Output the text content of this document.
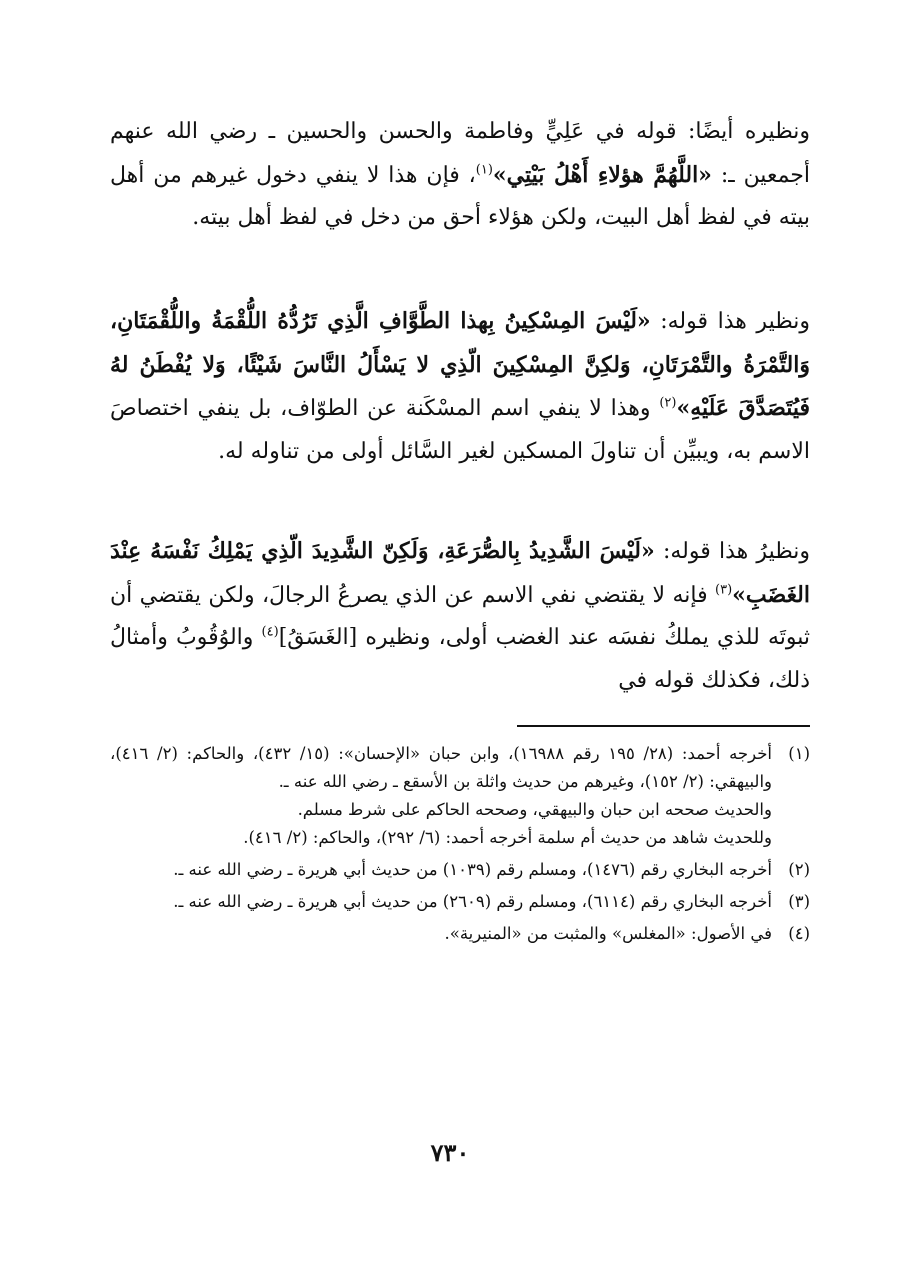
ونظيره أيضًا: قوله في عَلِيٍّ وفاطمة والحسن والحسين ـ رضي الله عنهم أجمعين ـ: «اللَّهُمَّ هؤلاءِ أَهْلُ بَيْتِي»$^{(١)}$، فإن هذا لا ينفي دخول غيرهم من أهل بيته في لفظ أهل البيت، ولكن هؤلاء أحق من دخل في لفظ أهل بيته.

ونظير هذا قوله: «لَيْسَ المِسْكِينُ بِهذا الطَّوَّافِ الَّذِي تَرُدُّهُ اللُّقْمَةُ واللُّقْمَتَانِ، وَالتَّمْرَةُ والتَّمْرَتَانِ، وَلكِنَّ المِسْكِينَ الّذِي لا يَسْأَلُ النَّاسَ شَيْئًا، وَلا يُفْطَنُ لهُ فَيُتَصَدَّقَ عَلَيْهِ»$^{(٢)}$ وهذا لا ينفي اسم المسْكَنة عن الطوّاف، بل ينفي اختصاصَ الاسم به، ويبيِّن أن تناولَ المسكين لغير السَّائل أولى من تناوله له.

ونظيرُ هذا قوله: «لَيْسَ الشَّدِيدُ بِالصُّرَعَةِ، وَلَكِنّ الشَّدِيدَ الّذِي يَمْلِكُ نَفْسَهُ عِنْدَ الغَضَبِ»$^{(٣)}$ فإنه لا يقتضي نفي الاسم عن الذي يصرعُ الرجالَ، ولكن يقتضي أن ثبوتَه للذي يملكُ نفسَه عند الغضب أولى، ونظيره [الغَسَقُ]$^{(٤)}$ والوُقُوبُ وأمثالُ ذلك، فكذلك قوله في

(١)
أخرجه أحمد: (٢٨/ ١٩٥ رقم ١٦٩٨٨)، وابن حبان «الإحسان»: (١٥/ ٤٣٢)، والحاكم: (٢/ ٤١٦)، والبيهقي: (٢/ ١٥٢)، وغيرهم من حديث واثلة بن الأسقع ـ رضي الله عنه ـ.
والحديث صححه ابن حبان والبيهقي، وصححه الحاكم على شرط مسلم.
وللحديث شاهد من حديث أم سلمة أخرجه أحمد: (٦/ ٢٩٢)، والحاكم: (٢/ ٤١٦).
(٢)
أخرجه البخاري رقم (١٤٧٦)، ومسلم رقم (١٠٣٩) من حديث أبي هريرة ـ رضي الله عنه ـ.
(٣)
أخرجه البخاري رقم (٦١١٤)، ومسلم رقم (٢٦٠٩) من حديث أبي هريرة ـ رضي الله عنه ـ.
(٤)
في الأصول: «المغلس» والمثبت من «المنيرية».
٧٣٠
